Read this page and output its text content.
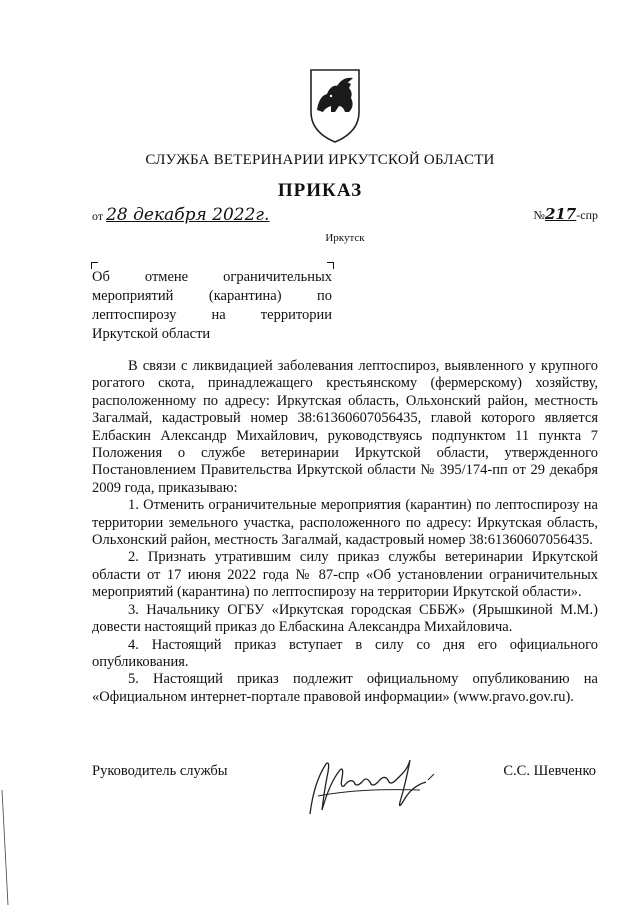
СЛУЖБА ВЕТЕРИНАРИИ ИРКУТСКОЙ ОБЛАСТИ
ПРИКАЗ
от 28 декабря 2022г.	№217-спр
Иркутск
Об отмене ограничительных мероприятий (карантина) по лептоспирозу на территории Иркутской области

В связи с ликвидацией заболевания лептоспироз, выявленного у крупного рогатого скота, принадлежащего крестьянскому (фермерскому) хозяйству, расположенному по адресу: Иркутская область, Ольхонский район, местность Загалмай, кадастровый номер 38:61360607056435, главой которого является Елбаскин Александр Михайлович, руководствуясь подпунктом 11 пункта 7 Положения о службе ветеринарии Иркутской области, утвержденного Постановлением Правительства Иркутской области № 395/174-пп от 29 декабря 2009 года, приказываю:

1. Отменить ограничительные мероприятия (карантин) по лептоспирозу на территории земельного участка, расположенного по адресу: Иркутская область, Ольхонский район, местность Загалмай, кадастровый номер 38:61360607056435.

2. Признать утратившим силу приказ службы ветеринарии Иркутской области от 17 июня 2022 года № 87-спр «Об установлении ограничительных мероприятий (карантина) по лептоспирозу на территории Иркутской области».

3. Начальнику ОГБУ «Иркутская городская СББЖ» (Ярышкиной М.М.) довести настоящий приказ до Елбаскина Александра Михайловича.

4. Настоящий приказ вступает в силу со дня его официального опубликования.

5. Настоящий приказ подлежит официальному опубликованию на «Официальном интернет-портале правовой информации» (www.pravo.gov.ru).

Руководитель службы	С.С. Шевченко
